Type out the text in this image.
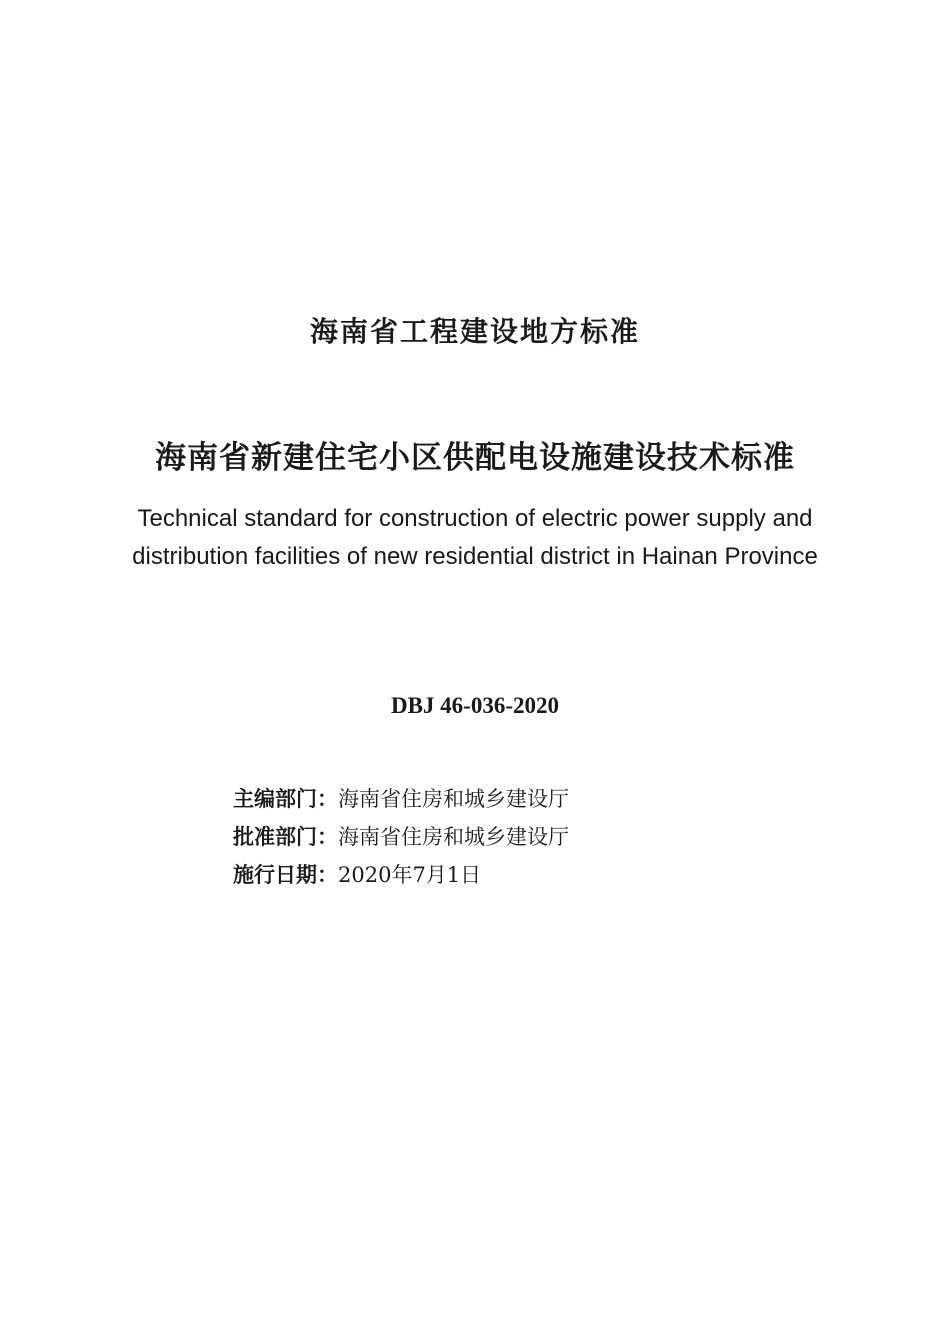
海南省工程建设地方标准
海南省新建住宅小区供配电设施建设技术标准
Technical standard for construction of electric power supply and
distribution facilities of new residential district in Hainan Province
DBJ 46-036-2020
主编部门： 海南省住房和城乡建设厅
批准部门： 海南省住房和城乡建设厅
施行日期： 2020年7月1日
